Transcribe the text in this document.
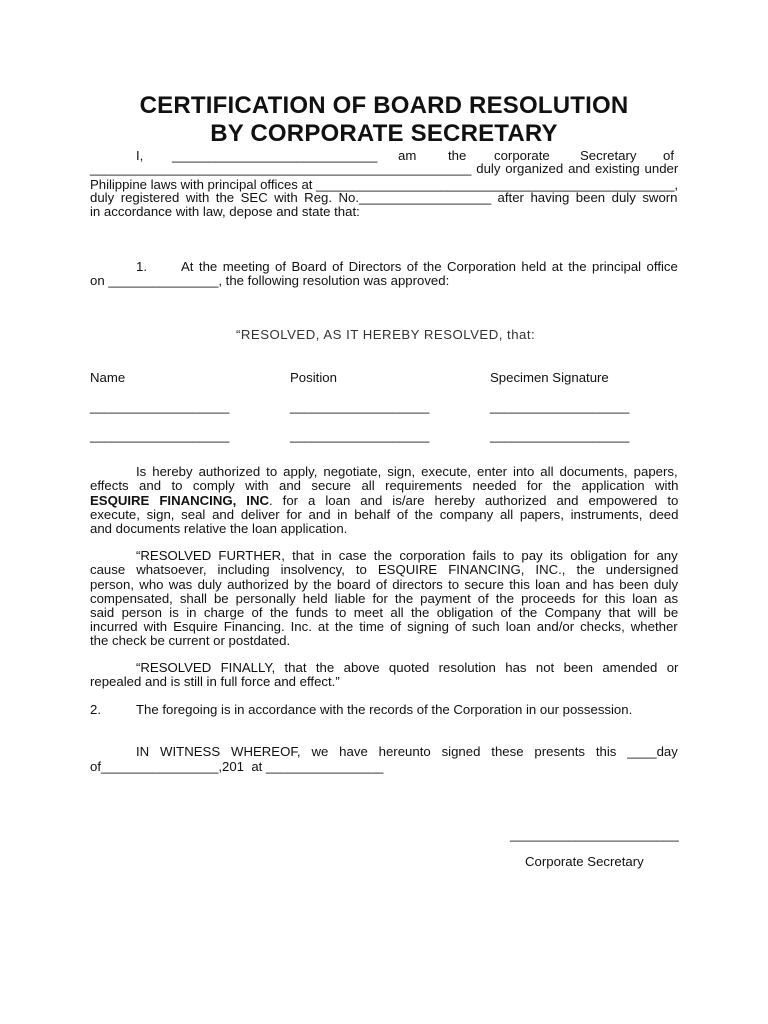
CERTIFICATION OF BOARD RESOLUTION
BY CORPORATE SECRETARY
I, ____________________________ am the corporate Secretary of
____________________________________________________ duly organized and existing under
Philippine laws with principal offices at _________________________________________________,
duly registered with the SEC with Reg. No.__________________ after having been duly sworn
in accordance with law, depose and state that:
1.	At the meeting of Board of Directors of the Corporation held at the principal office
on _______________, the following resolution was approved:
“RESOLVED, AS IT HEREBY RESOLVED, that:
Name	Position	Specimen Signature
___________________	___________________	___________________
___________________	___________________	___________________
Is hereby authorized to apply, negotiate, sign, execute, enter into all documents, papers,
effects and to comply with and secure all requirements needed for the application with
ESQUIRE FINANCING, INC. for a loan and is/are hereby authorized and empowered to
execute, sign, seal and deliver for and in behalf of the company all papers, instruments, deed
and documents relative the loan application.
“RESOLVED FURTHER, that in case the corporation fails to pay its obligation for any
cause whatsoever, including insolvency, to ESQUIRE FINANCING, INC., the undersigned
person, who was duly authorized by the board of directors to secure this loan and has been duly
compensated, shall be personally held liable for the payment of the proceeds for this loan as
said person is in charge of the funds to meet all the obligation of the Company that will be
incurred with Esquire Financing. Inc. at the time of signing of such loan and/or checks, whether
the check be current or postdated.
“RESOLVED FINALLY, that the above quoted resolution has not been amended or
repealed and is still in full force and effect.”
2.	The foregoing is in accordance with the records of the Corporation in our possession.
IN WITNESS WHEREOF, we have hereunto signed these presents this ____day
of________________,201  at ________________
_______________________
Corporate Secretary
